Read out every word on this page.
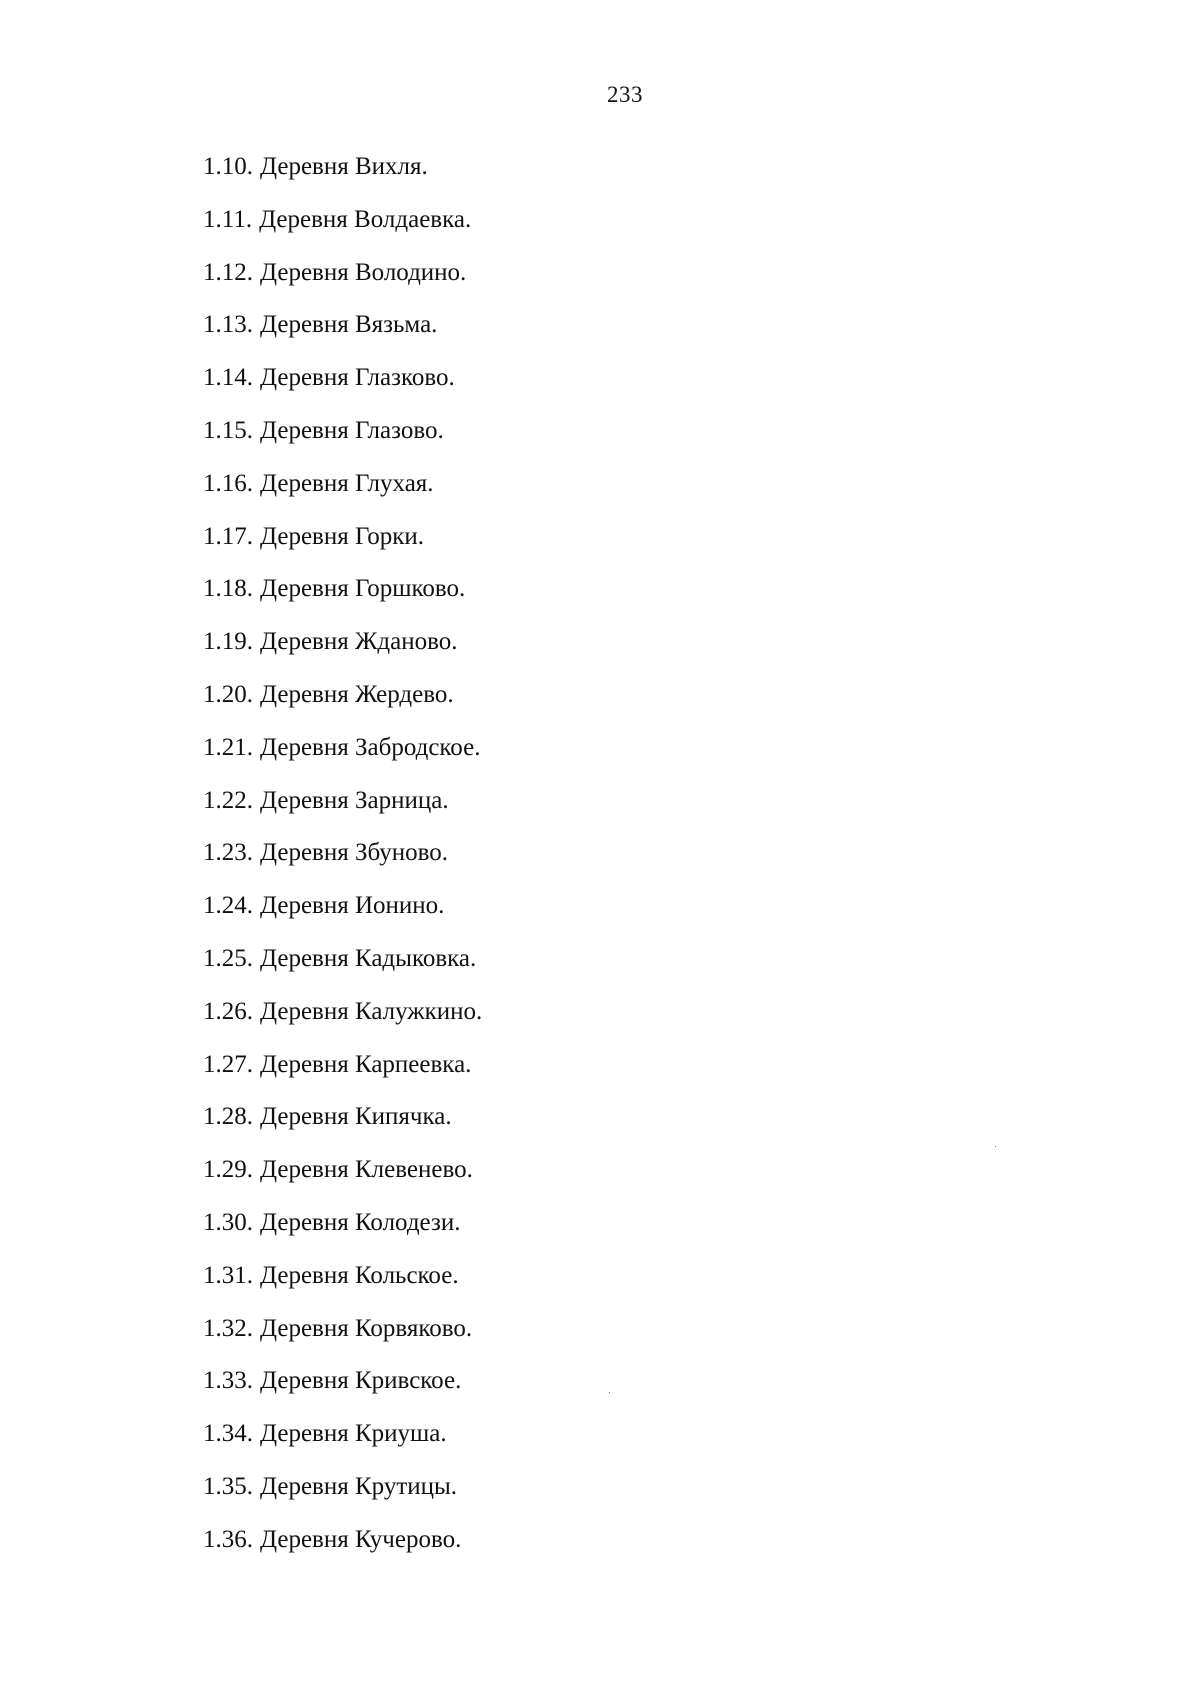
233
1.10. Деревня Вихля.
1.11. Деревня Волдаевка.
1.12. Деревня Володино.
1.13. Деревня Вязьма.
1.14. Деревня Глазково.
1.15. Деревня Глазово.
1.16. Деревня Глухая.
1.17. Деревня Горки.
1.18. Деревня Горшково.
1.19. Деревня Жданово.
1.20. Деревня Жердево.
1.21. Деревня Забродское.
1.22. Деревня Зарница.
1.23. Деревня Збуново.
1.24. Деревня Ионино.
1.25. Деревня Кадыковка.
1.26. Деревня Калужкино.
1.27. Деревня Карпеевка.
1.28. Деревня Кипячка.
1.29. Деревня Клевенево.
1.30. Деревня Колодези.
1.31. Деревня Кольское.
1.32. Деревня Корвяково.
1.33. Деревня Кривское.
1.34. Деревня Криуша.
1.35. Деревня Крутицы.
1.36. Деревня Кучерово.
